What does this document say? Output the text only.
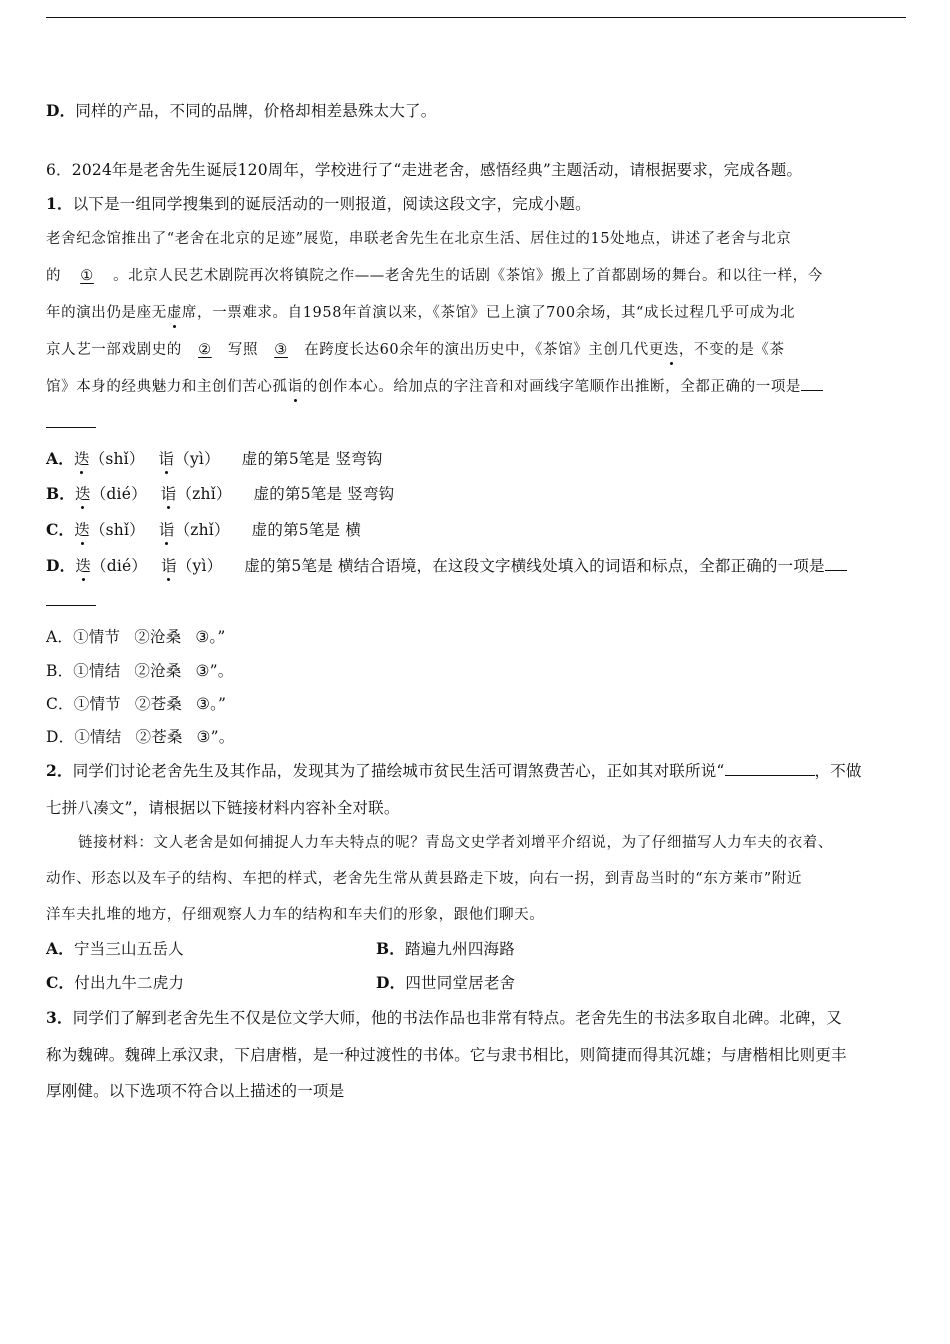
D．同样的产品，不同的品牌，价格却相差悬殊太大了。
6．2024年是老舍先生诞辰120周年，学校进行了“走进老舍，感悟经典”主题活动，请根据要求，完成各题。
1．以下是一组同学搜集到的诞辰活动的一则报道，阅读这段文字，完成小题。
老舍纪念馆推出了“老舍在北京的足迹”展览，串联老舍先生在北京生活、居住过的15处地点，讲述了老舍与北京
的 ① 。北京人民艺术剧院再次将镇院之作——老舍先生的话剧《茶馆》搬上了首都剧场的舞台。和以往一样，今
年的演出仍是座无虚席，一票难求。自1958年首演以来，《茶馆》已上演了700余场，其“成长过程几乎可成为北
京人艺一部戏剧史的 ② 写照 ③ 在跨度长达60余年的演出历史中，《茶馆》主创几代更迭，不变的是《茶
馆》本身的经典魅力和主创们苦心孤诣的创作本心。给加点的字注音和对画线字笔顺作出推断，全都正确的一项是
A．迭（shǐ） 诣（yì） 虚的第5笔是 竖弯钩
B．迭（dié） 诣（zhǐ） 虚的第5笔是 竖弯钩
C．迭（shǐ） 诣（zhǐ） 虚的第5笔是 横
D．迭（dié） 诣（yì） 虚的第5笔是 横结合语境，在这段文字横线处填入的词语和标点，全都正确的一项是
A．①情节 ②沧桑 ③。”
B．①情结 ②沧桑 ③”。
C．①情节 ②苍桑 ③。”
D．①情结 ②苍桑 ③”。
2．同学们讨论老舍先生及其作品，发现其为了描绘城市贫民生活可谓煞费苦心，正如其对联所说“	，不做
七拼八凑文”，请根据以下链接材料内容补全对联。
链接材料：文人老舍是如何捕捉人力车夫特点的呢？青岛文史学者刘增平介绍说，为了仔细描写人力车夫的衣着、
动作、形态以及车子的结构、车把的样式，老舍先生常从黄县路走下坡，向右一拐，到青岛当时的“东方莱市”附近
洋车夫扎堆的地方，仔细观察人力车的结构和车夫们的形象，跟他们聊天。
A．宁当三山五岳人	B．踏遍九州四海路
C．付出九牛二虎力	D．四世同堂居老舍
3．同学们了解到老舍先生不仅是位文学大师，他的书法作品也非常有特点。老舍先生的书法多取自北碑。北碑，又
称为魏碑。魏碑上承汉隶，下启唐楷，是一种过渡性的书体。它与隶书相比，则简捷而得其沉雄；与唐楷相比则更丰
厚刚健。以下选项不符合以上描述的一项是
